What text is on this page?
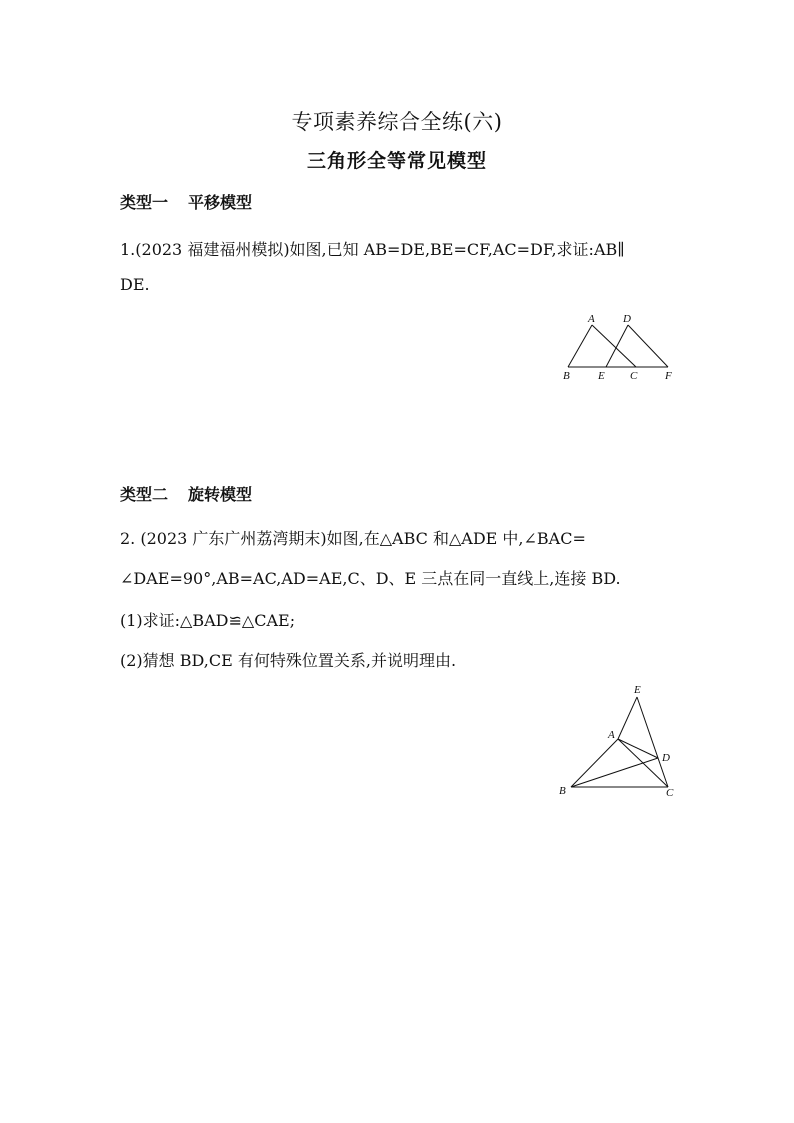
专项素养综合全练(六)
三角形全等常见模型
类型一 平移模型
1.(2023 福建福州模拟)如图,已知 AB=DE,BE=CF,AC=DF,求证:AB∥
DE.
A	D
B	E C	F
类型二 旋转模型
2. (2023 广东广州荔湾期末)如图,在△ABC 和△ADE 中,∠BAC=
∠DAE=90°,AB=AC,AD=AE,C、D、E 三点在同一直线上,连接 BD.
(1)求证:△BAD≌△CAE;
(2)猜想 BD,CE 有何特殊位置关系,并说明理由.
E
A
D
B	C
